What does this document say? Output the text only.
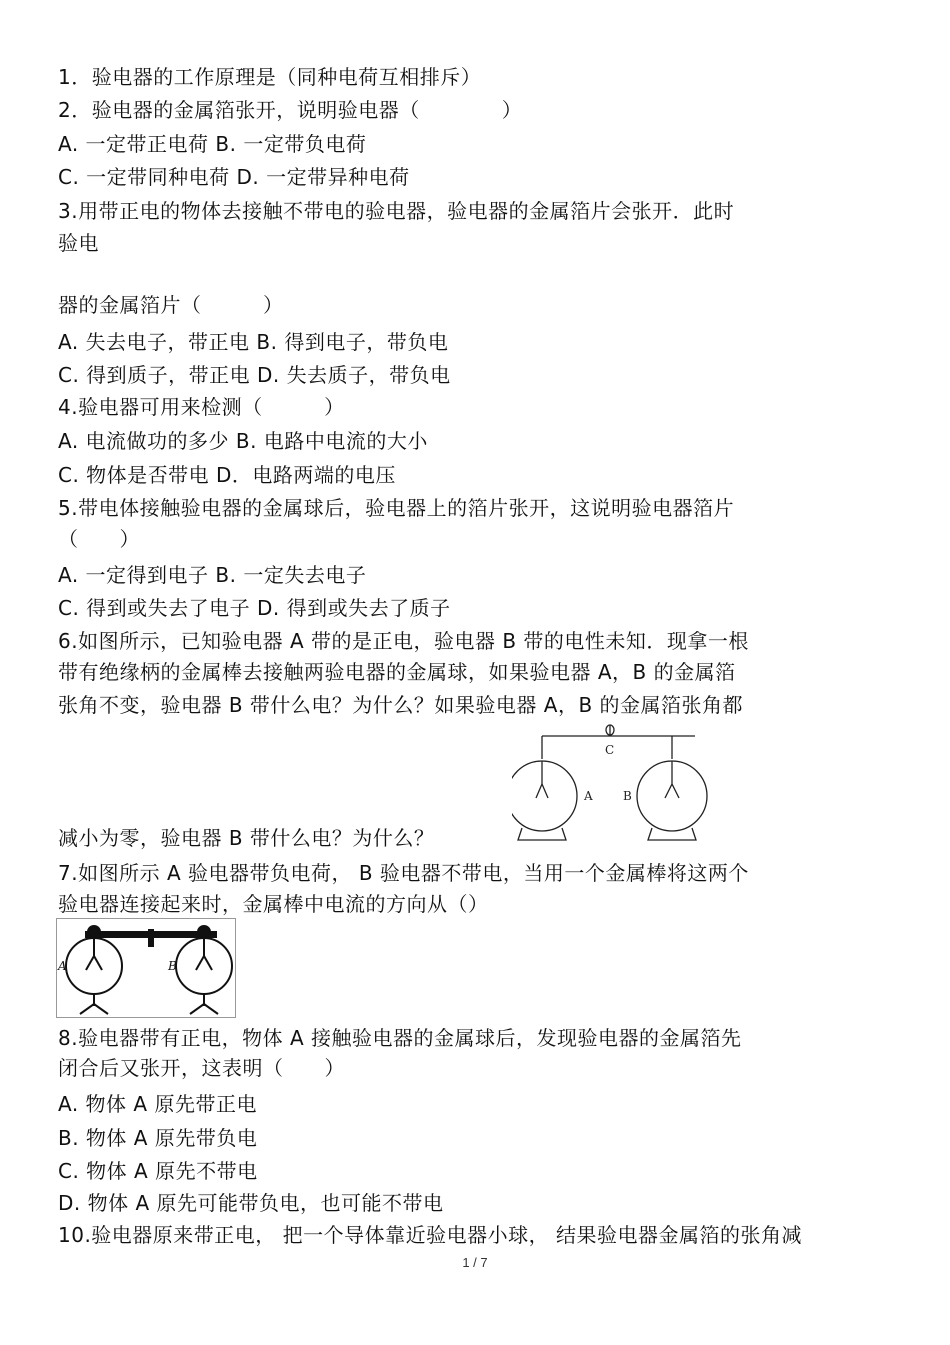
1．验电器的工作原理是（同种电荷互相排斥）
2．验电器的金属箔张开，说明验电器（　　　　）
A. 一定带正电荷 B. 一定带负电荷
C. 一定带同种电荷 D. 一定带异种电荷
3.用带正电的物体去接触不带电的验电器，验电器的金属箔片会张开．此时
验电
器的金属箔片（　　　）
A. 失去电子，带正电 B. 得到电子，带负电
C. 得到质子，带正电 D. 失去质子，带负电
4.验电器可用来检测（　　　）
A. 电流做功的多少 B. 电路中电流的大小
C. 物体是否带电 D．电路两端的电压
5.带电体接触验电器的金属球后，验电器上的箔片张开，这说明验电器箔片
（　　）
A. 一定得到电子 B. 一定失去电子
C. 得到或失去了电子 D. 得到或失去了质子
6.如图所示，已知验电器 A 带的是正电，验电器 B 带的电性未知．现拿一根
带有绝缘柄的金属棒去接触两验电器的金属球，如果验电器 A，B 的金属箔
张角不变，验电器 B 带什么电？为什么？如果验电器 A，B 的金属箔张角都
减小为零，验电器 B 带什么电？为什么？
7.如图所示 A 验电器带负电荷， B 验电器不带电，当用一个金属棒将这两个
验电器连接起来时，金属棒中电流的方向从（）
8.验电器带有正电，物体 A 接触验电器的金属球后，发现验电器的金属箔先
闭合后又张开，这表明（　　）
A. 物体 A 原先带正电
B. 物体 A 原先带负电
C. 物体 A 原先不带电
D. 物体 A 原先可能带负电，也可能不带电
10.验电器原来带正电， 把一个导体靠近验电器小球， 结果验电器金属箔的张角减
C
A	B
A	B
1 / 7
